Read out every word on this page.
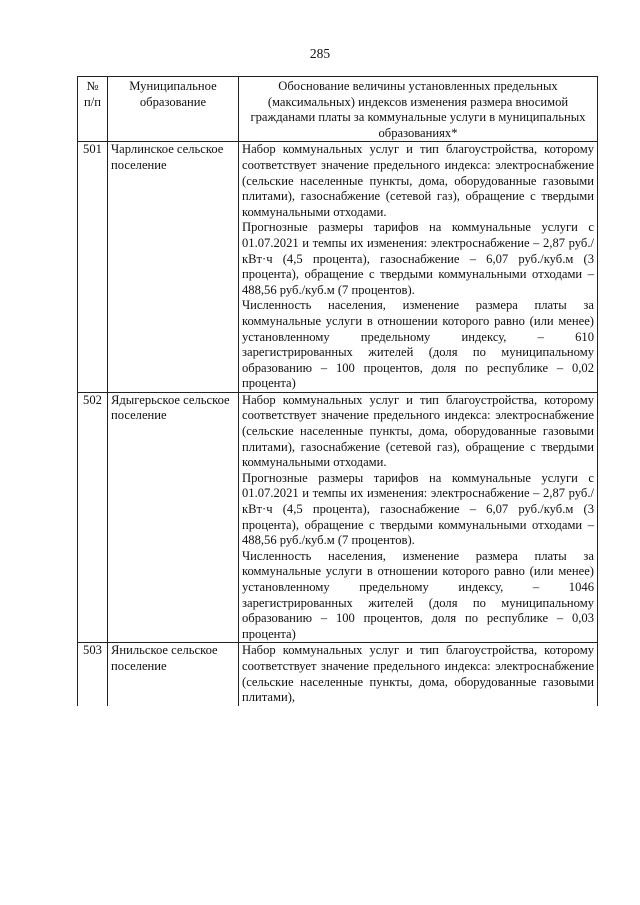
285
№ п/п	Муниципальное образование	Обоснование величины установленных предельных (максимальных) индексов изменения размера вносимой гражданами платы за коммунальные услуги в муниципальных образованиях*
501	Чарлинское сельское поселение	Набор коммунальных услуг и тип благоустройства, которому соответствует значение предельного индекса: электроснабжение (сельские населенные пункты, дома, оборудованные газовыми плитами), газоснабжение (сетевой газ), обращение с твердыми коммунальными отходами.

Прогнозные размеры тарифов на коммунальные услуги с 01.07.2021 и темпы их изменения: электроснабжение – 2,87 руб./кВт·ч (4,5 процента), газоснабжение – 6,07 руб./куб.м (3 процента), обращение с твердыми коммунальными отходами – 488,56 руб./куб.м (7 процентов).

Численность населения, изменение размера платы за коммунальные услуги в отношении которого равно (или менее) установленному предельному индексу, – 610 зарегистрированных жителей (доля по муниципальному образованию – 100 процентов, доля по республике – 0,02 процента)

502	Ядыгерьское сельское поселение	Набор коммунальных услуг и тип благоустройства, которому соответствует значение предельного индекса: электроснабжение (сельские населенные пункты, дома, оборудованные газовыми плитами), газоснабжение (сетевой газ), обращение с твердыми коммунальными отходами.

Прогнозные размеры тарифов на коммунальные услуги с 01.07.2021 и темпы их изменения: электроснабжение – 2,87 руб./кВт·ч (4,5 процента), газоснабжение – 6,07 руб./куб.м (3 процента), обращение с твердыми коммунальными отходами – 488,56 руб./куб.м (7 процентов).

Численность населения, изменение размера платы за коммунальные услуги в отношении которого равно (или менее) установленному предельному индексу, – 1046 зарегистрированных жителей (доля по муниципальному образованию – 100 процентов, доля по республике – 0,03 процента)

503	Янильское сельское поселение	Набор коммунальных услуг и тип благоустройства, которому соответствует значение предельного индекса: электроснабжение (сельские населенные пункты, дома, оборудованные газовыми плитами),
